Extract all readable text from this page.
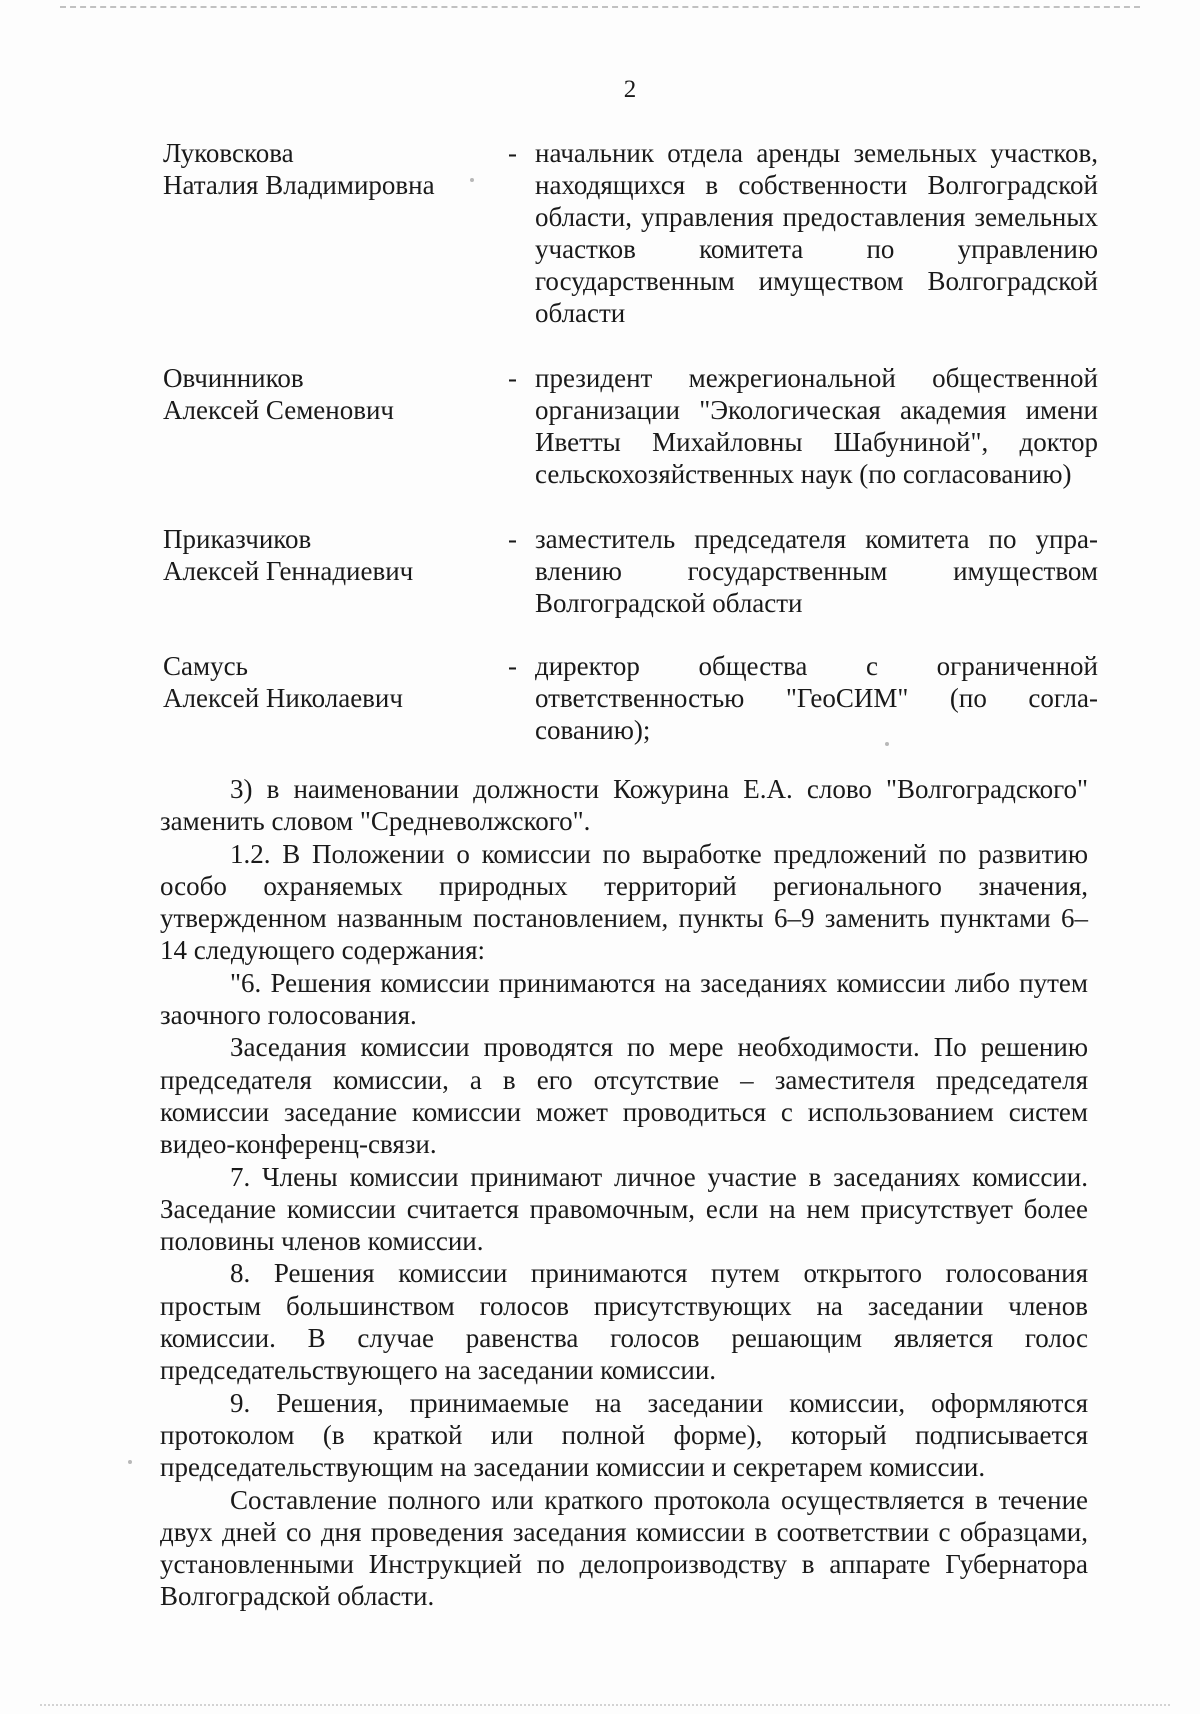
2
Луковскова
Наталия Владимировна
- начальник отдела аренды земельных участков, находящихся в собственности Волгоградской области, управления предоставления земельных участков комитета по управлению государственным имуществом Волгоградской области
Овчинников
Алексей Семенович
- президент межрегиональной общественной организации "Экологическая академия имени Иветты Михайловны Шабуниной", доктор сельскохозяйственных наук (по согласованию)
Приказчиков
Алексей Геннадиевич
- заместитель председателя комитета по управлению государственным имуществом Волгоградской области
Самусь
Алексей Николаевич
- директор общества с ограниченной ответственностью "ГеоСИМ" (по согласованию);

3) в наименовании должности Кожурина Е.А. слово "Волгоградского" заменить словом "Средневолжского".

1.2. В Положении о комиссии по выработке предложений по развитию особо охраняемых природных территорий регионального значения, утвержденном названным постановлением, пункты 6–9 заменить пунктами 6–14 следующего содержания:

"6. Решения комиссии принимаются на заседаниях комиссии либо путем заочного голосования.

Заседания комиссии проводятся по мере необходимости. По решению председателя комиссии, а в его отсутствие – заместителя председателя комиссии заседание комиссии может проводиться с использованием систем видео-конференц-связи.

7. Члены комиссии принимают личное участие в заседаниях комиссии. Заседание комиссии считается правомочным, если на нем присутствует более половины членов комиссии.

8. Решения комиссии принимаются путем открытого голосования простым большинством голосов присутствующих на заседании членов комиссии. В случае равенства голосов решающим является голос председательствующего на заседании комиссии.

9. Решения, принимаемые на заседании комиссии, оформляются протоколом (в краткой или полной форме), который подписывается председательствующим на заседании комиссии и секретарем комиссии.

Составление полного или краткого протокола осуществляется в течение двух дней со дня проведения заседания комиссии в соответствии с образцами, установленными Инструкцией по делопроизводству в аппарате Губернатора Волгоградской области.
